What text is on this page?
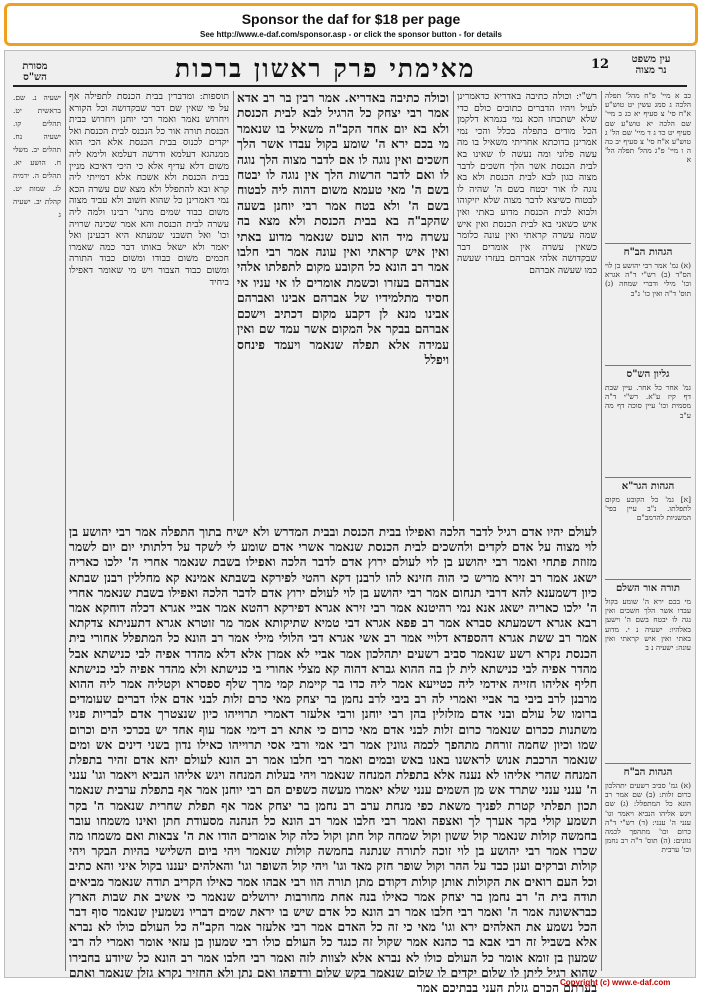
Sponsor the daf for $18 per page
See http://www.e-daf.com/sponsor.asp - or click the sponsor button - for details
12
מאימתי פרק ראשון ברכות	עין משפט
נר מצוה
מסורת
הש"ס
כב א מיי' פ"ח מהל' תפלה הלכה ג סמג עשין יט טוש"ע א"ח סי' צ סעיף יא כג ב מיי' שם הלכה יא טוש"ע שם סעיף יט כד ג ד מיי' שם הל' ג טוש"ע א"ח סי' צ סעיף יב כה ה ו מיי' פ"ג מהל' תפלה הל' א
הגהות הב"ח
(א) גמ' אמר רבי יהושע בן לוי הס"ד (ב) רש"י ד"ה אגרא וכו' מילי ודברי שמחה (ג) תוס' ד"ה ואין כו' נ"ב
גליון הש"ס
גמ' אחר כל אחר. עיין שבת דף קיז ע"א. רש"י ד"ה מסמית וכו' עיין סוכה דף מה ע"ב
הגהות הגר"א
[א] גמ' כל הקובע מקום לתפלתו. נ"ב עיין בפי' המשניות להרמב"ם
תורה אור השלם
מי בכם ירא ה' שומע בקול עבדו אשר הלך חשכים ואין נגה לו יבטח בשם ה' וישען באלהיו: ישעיה נ י. מדוע באתי ואין איש קראתי ואין עונה: ישעיה נ ב
הגהות הב"ח
(א) גמ' סביב רשעים יתהלכון כרום זלות: (ב) שם אמר רב הונא כל המתפלל: (ג) שם ויגש אליהו הנביא ויאמר וגו' ענני ה' ענני: (ד) רש"י ד"ה כרום וכו' מתהפך לכמה גוונים: (ה) תוס' ד"ה רב נחמן וכו' ערבית
ישעיה נ. שם. בראשית יט. תהלים קו. ישעיה נח. תהלים יב. משלי ח. הושע יא. תהלים ה. ירמיה לג. שמות יט. קהלת יב. ישעיה ג
רש"י: וכולה כתיבה באדריא כדאמרינן לעיל ויהיו הדברים כתובים כולם כדי שלא ישתכחו הכא נמי בגמרא דלקמן הכל מודים בתפלה בכלל והכי נמי אמרינן בדוכתא אחריתי משאיל בו מה עשה פלוני ומה נעשה לו שאינו בא לבית הכנסת אשר הלך חשכים לדבר מצוה כגון לבא לבית הכנסת ולא בא נוגה לו אור יבטח בשם ה' שהיה לו לבטוח כשיצא לדבר מצוה שלא יזיקוהו ולבוא לבית הכנסת מדוע באתי ואין איש כשאני בא לבית הכנסת ואין איש שמה עשרה קראתי ואין עונה כלומר כשאין עשרה אין אומרים דבר שבקדושה אלהי אברהם בעזרו שעשה כמו שעשה אברהם
וכולה כתיבה באדריא. אמר רבין בר רב אדא אמר רבי יצחק כל הרגיל לבא לבית הכנסת ולא בא יום אחד הקב"ה משאיל בו שנאמר מי בכם ירא ה' שומע בקול עבדו אשר הלך חשכים ואין נוגה לו אם לדבר מצוה הלך נוגה לו ואם לדבר הרשות הלך אין נוגה לו יבטח בשם ה' מאי טעמא משום דהוה ליה לבטוח בשם ה' ולא בטח אמר רבי יוחנן בשעה שהקב"ה בא בבית הכנסת ולא מצא בה עשרה מיד הוא כועס שנאמר מדוע באתי ואין איש קראתי ואין עונה אמר רבי חלבו אמר רב הונא כל הקובע מקום לתפלתו אלהי אברהם בעזרו וכשמת אומרים לו אי עניו אי חסיד מתלמידיו של אברהם אבינו ואברהם אבינו מנא לן דקבע מקום דכתיב וישכם אברהם בבקר אל המקום אשר עמד שם ואין עמידה אלא תפלה שנאמר ויעמד פינחס ויפלל
תוספות: ומדברין בבית הכנסת לתפילה אף על פי שאין שם דבר שבקדושה וכל הקורא ויחרוש נאמר ואמר רבי יוחנן ויחרוש בבית הכנסת תורה אור כל הנכנס לבית הכנסת ואל יקדים לכנוס בבית הכנסת אלא הכי הוא ממנהגא דעלמא ודרשה דעלמא ולימא ליה משום דלא עדיף אלא כי היכי דאיכא מניין בבית הכנסת ולא אשכח אלא דמייתי ליה קרא ובא להתפלל ולא מצא שם עשרה הכא נמי דאמרינן כל שהוא חשוב ולא עביד מצוה משום כבוד שמים מתני' רבינו ולמה ליה עשרה לבית הכנסת והא אמר שכינה שרויה וכו' ואל תשבני שמעתא היא דבעינן ואל יאמר ולא ישאל באותו דבר כמה שאמרו חכמים משום כבודו ומשום כבוד התורה ומשום כבוד הצבור ויש מי שאומר דאפילו ביחיד
לעולם יהיו אדם רגיל לדבר הלכה ואפילו בבית הכנסת ובבית המדרש ולא ישיח בתוך התפלה אמר רבי יהושע בן לוי מצוה על אדם לקדים ולהשכים לבית הכנסת שנאמר אשרי אדם שומע לי לשקד על דלתותי יום יום לשמר מזוזת פתחי ואמר רבי יהושע בן לוי לעולם ירוץ אדם לדבר הלכה ואפילו בשבת שנאמר אחרי ה' ילכו כאריה ישאג אמר רב זירא מריש כי הוה חזינא להו לרבנן דקא רהטי לפירקא בשבתא אמינא קא מחללין רבנן שבתא כיון דשמענא להא דרבי תנחום אמר רבי יהושע בן לוי לעולם ירוץ אדם לדבר הלכה ואפילו בשבת שנאמר אחרי ה' ילכו כאריה ישאג אנא נמי רהיטנא אמר רבי זירא אגרא דפירקא רהטא אמר אביי אגרא דכלה דוחקא אמר רבא אגרא דשמעתא סברא אמר רב פפא אגרא דבי טמיא שתיקותא אמר מר זוטרא אגרא דתעניתא צדקתא אמר רב ששת אגרא דהספדא דלויי אמר רב אשי אגרא דבי הלולי מילי אמר רב הונא כל המתפלל אחורי בית הכנסת נקרא רשע שנאמר סביב רשעים יתהלכון אמר אביי לא אמרן אלא דלא מהדר אפיה לבי כנישתא אבל מהדר אפיה לבי כנישתא לית לן בה ההוא גברא דהוה קא מצלי אחורי בי כנישתא ולא מהדר אפיה לבי כנישתא חליף אליהו חזייה אידמי ליה כטייעא אמר ליה כדו בר קיימת קמי מרך שלף ספסרא וקטליה אמר ליה ההוא מרבנן לרב ביבי בר אביי ואמרי לה רב ביבי לרב נחמן בר יצחק מאי כרם זלות לבני אדם אלו דברים שעומדים ברומו של עולם ובני אדם מזלזלין בהן רבי יוחנן ורבי אלעזר דאמרי תרוייהו כיון שנצטרך אדם לבריות פניו משתנות ככרום שנאמר כרום זלות לבני אדם מאי כרום כי אתא רב דימי אמר עוף אחד יש בכרכי הים וכרום שמו וכיון שחמה זורחת מתהפך לכמה גוונין אמר רבי אמי ורבי אסי תרוייהו כאילו נדון בשני דינים אש ומים שנאמר הרכבת אנוש לראשנו באנו באש ובמים ואמר רבי חלבו אמר רב הונא לעולם יהא אדם זהיר בתפלת המנחה שהרי אליהו לא נענה אלא בתפלת המנחה שנאמר ויהי בעלות המנחה ויגש אליהו הנביא ויאמר וגו' ענני ה' ענני ענני שתרד אש מן השמים ענני שלא יאמרו מעשה כשפים הם רבי יוחנן אמר אף בתפלת ערבית שנאמר תכון תפלתי קטרת לפניך משאת כפי מנחת ערב רב נחמן בר יצחק אמר אף תפלת שחרית שנאמר ה' בקר תשמע קולי בקר אערך לך ואצפה ואמר רבי חלבו אמר רב הונא כל הנהנה מסעודת חתן ואינו משמחו עובר בחמשה קולות שנאמר קול ששון וקול שמחה קול חתן וקול כלה קול אומרים הודו את ה' צבאות ואם משמחו מה שכרו אמר רבי יהושע בן לוי זוכה לתורה שנתנה בחמשה קולות שנאמר ויהי ביום השלישי בהיות הבקר ויהי קולות וברקים וענן כבד על ההר וקול שופר חזק מאד וגו' ויהי קול השופר וגו' והאלהים יעננו בקול איני והא כתיב וכל העם רואים את הקולות אותן קולות דקודם מתן תורה הוו רבי אבהו אמר כאילו הקריב תודה שנאמר מביאים תודה בית ה' רב נחמן בר יצחק אמר כאילו בנה אחת מחורבות ירושלים שנאמר כי אשיב את שבות הארץ כבראשונה אמר ה' ואמר רבי חלבו אמר רב הונא כל אדם שיש בו יראת שמים דבריו נשמעין שנאמר סוף דבר הכל נשמע את האלהים ירא וגו' מאי כי זה כל האדם אמר רבי אלעזר אמר הקב"ה כל העולם כולו לא נברא אלא בשביל זה רבי אבא בר כהנא אמר שקול זה כנגד כל העולם כולו רבי שמעון בן עזאי אומר ואמרי לה רבי שמעון בן זומא אומר כל העולם כולו לא נברא אלא לצוות לזה ואמר רבי חלבו אמר רב הונא כל שיודע בחבירו שהוא רגיל ליתן לו שלום יקדים לו שלום שנאמר בקש שלום ורדפהו ואם נתן ולא החזיר נקרא גזלן שנאמר ואתם בערתם הכרם גזלת העני בבתיכם אמר
Copyright (c) www.e-daf.com
